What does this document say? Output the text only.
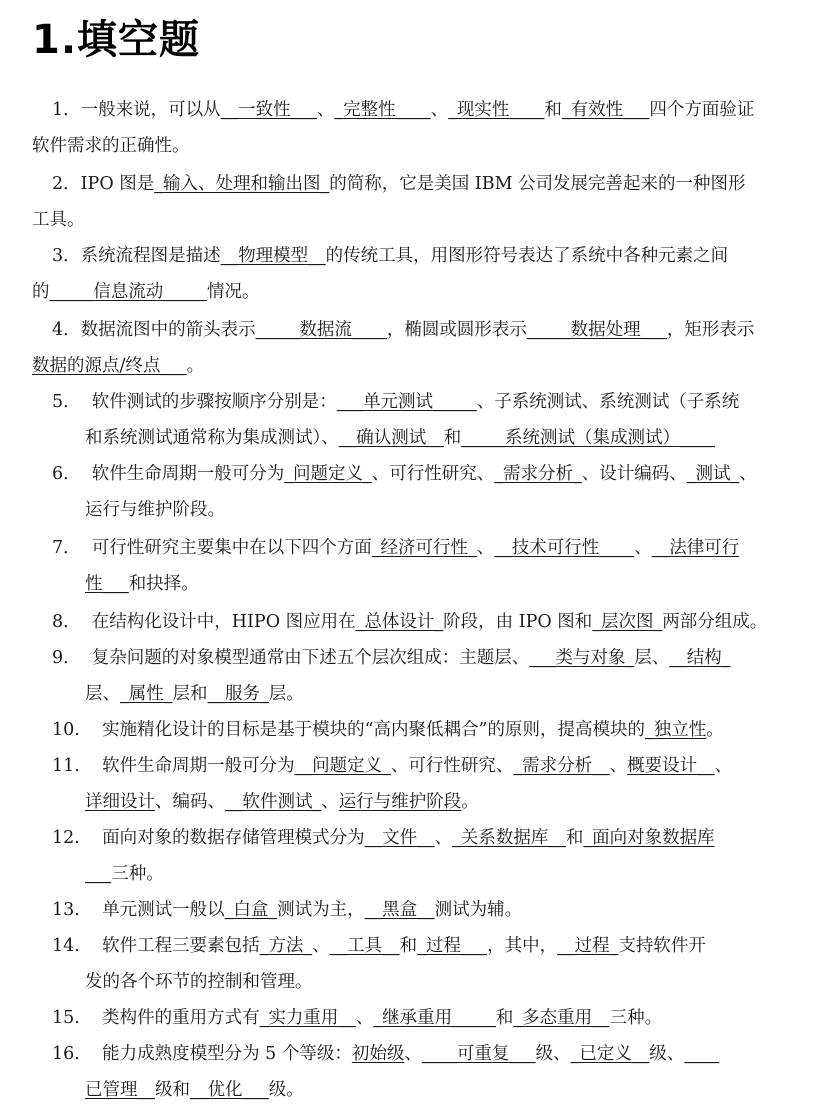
1.填空题
1．一般来说，可以从__一致性___、_完整性____、_现实性____和_有效性___四个方面验证
软件需求的正确性。
2．IPO 图是_输入、处理和输出图_的简称，它是美国 IBM 公司发展完善起来的一种图形
工具。
3．系统流程图是描述__物理模型__的传统工具，用图形符号表达了系统中各种元素之间
的_____信息流动_____情况。
4．数据流图中的箭头表示_____数据流____，椭圆或圆形表示_____数据处理___，矩形表示
数据的源点/终点___。
5．  软件测试的步骤按顺序分别是：___单元测试_____、子系统测试、系统测试（子系统
和系统测试通常称为集成测试）、__确认测试__和_____系统测试（集成测试）____
6．  软件生命周期一般可分为_问题定义_、可行性研究、_需求分析_、设计编码、_测试_、
运行与维护阶段。
7．  可行性研究主要集中在以下四个方面_经济可行性_、__技术可行性____、__法律可行
性___和抉择。
8．  在结构化设计中，HIPO 图应用在_总体设计_阶段，由 IPO 图和_层次图_两部分组成。
9．  复杂问题的对象模型通常由下述五个层次组成：主题层、___类与对象_层、__结构_
层、_属性_层和__服务_层。
10.    实施精化设计的目标是基于模块的“高内聚低耦合”的原则，提高模块的_独立性。
11.    软件生命周期一般可分为__问题定义_、可行性研究、_需求分析__、概要设计__、
详细设计、编码、__软件测试_、运行与维护阶段。
12.    面向对象的数据存储管理模式分为__文件__、_关系数据库__和_面向对象数据库
___三种。
13.    单元测试一般以_白盒_测试为主，__黑盒__测试为辅。
14.    软件工程三要素包括_方法_、__工具__和_过程___，其中，__过程_支持软件开
发的各个环节的控制和管理。
15.    类构件的重用方式有_实力重用__、_继承重用_____和_多态重用__三种。
16.    能力成熟度模型分为 5 个等级：初始级、____可重复___级、_已定义__级、____
已管理__级和__优化___级。
